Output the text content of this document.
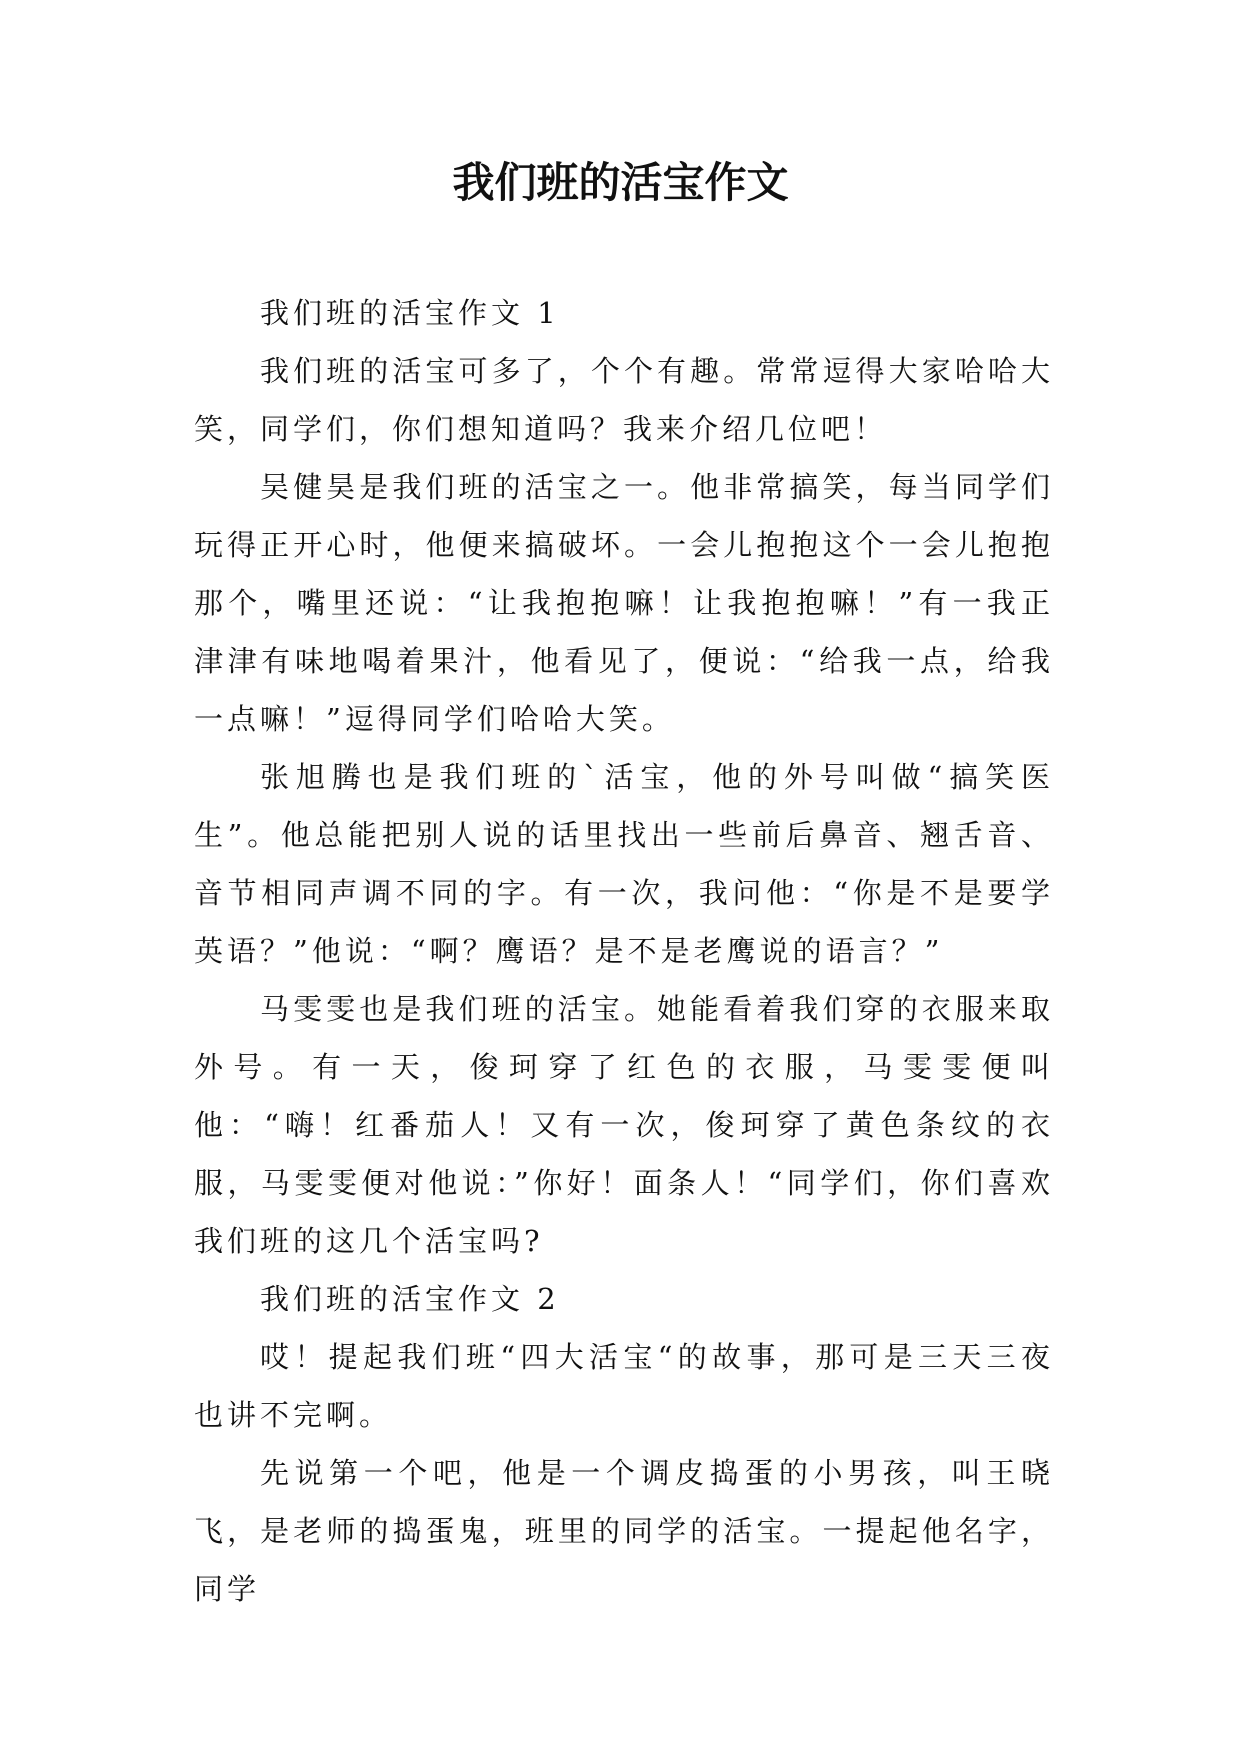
我们班的活宝作文

我们班的活宝作文 1

我们班的活宝可多了，个个有趣。常常逗得大家哈哈大笑，同学们，你们想知道吗？我来介绍几位吧！

吴健昊是我们班的活宝之一。他非常搞笑，每当同学们玩得正开心时，他便来搞破坏。一会儿抱抱这个一会儿抱抱那个，嘴里还说：“让我抱抱嘛！让我抱抱嘛！”有一我正津津有味地喝着果汁，他看见了，便说：“给我一点，给我一点嘛！”逗得同学们哈哈大笑。

张旭腾也是我们班的`活宝，他的外号叫做“搞笑医生”。他总能把别人说的话里找出一些前后鼻音、翘舌音、音节相同声调不同的字。有一次，我问他：“你是不是要学英语？”他说：“啊？鹰语？是不是老鹰说的语言？”

马雯雯也是我们班的活宝。她能看着我们穿的衣服来取外号。有一天，俊珂穿了红色的衣服，马雯雯便叫他：“嗨！红番茄人！又有一次，俊珂穿了黄色条纹的衣服，马雯雯便对他说：”你好！面条人！“同学们，你们喜欢我们班的这几个活宝吗?

我们班的活宝作文 2

哎！提起我们班“四大活宝“的故事，那可是三天三夜也讲不完啊。

先说第一个吧，他是一个调皮捣蛋的小男孩，叫王晓飞，是老师的捣蛋鬼，班里的同学的活宝。一提起他名字，同学
